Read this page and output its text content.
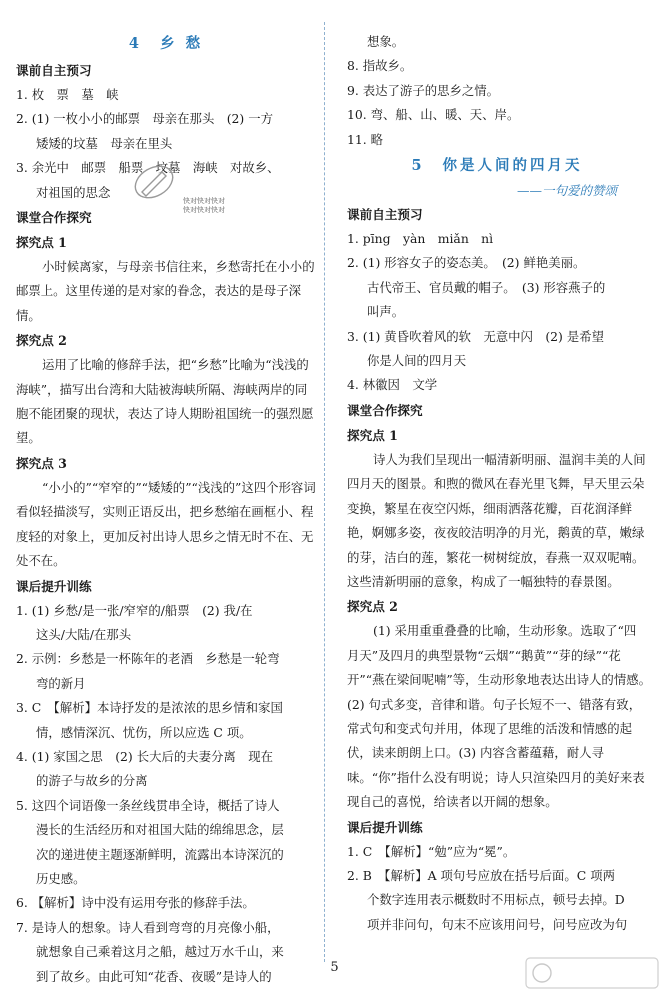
4 乡 愁
课前自主预习
1. 枚　票　墓　峡
2. (1) 一枚小小的邮票　母亲在那头　(2) 一方
矮矮的坟墓　母亲在里头
3. 余光中　邮票　船票　坟墓　海峡　对故乡、
对祖国的思念
课堂合作探究
探究点 1
小时候离家，与母亲书信往来，乡愁寄托在小小的邮票上。这里传递的是对家的眷念，表达的是母子深情。
探究点 2
运用了比喻的修辞手法，把“乡愁”比喻为“浅浅的海峡”，描写出台湾和大陆被海峡所隔、海峡两岸的同胞不能团聚的现状，表达了诗人期盼祖国统一的强烈愿望。
探究点 3
“小小的”“窄窄的”“矮矮的”“浅浅的”这四个形容词看似轻描淡写，实则正语反出，把乡愁缩在画框小、程度轻的对象上，更加反衬出诗人思乡之情无时不在、无处不在。
课后提升训练
1. (1) 乡愁/是一张/窄窄的/船票　(2) 我/在
这头/大陆/在那头
2. 示例：乡愁是一杯陈年的老酒　乡愁是一轮弯
弯的新月
3. C　【解析】本诗抒发的是浓浓的思乡情和家国
情，感情深沉、忧伤，所以应选 C 项。
4. (1) 家国之思　(2) 长大后的夫妻分离　现在
的游子与故乡的分离
5. 这四个词语像一条丝线贯串全诗，概括了诗人
漫长的生活经历和对祖国大陆的绵绵思念，层
次的递进使主题逐渐鲜明，流露出本诗深沉的
历史感。
6. 【解析】诗中没有运用夸张的修辞手法。
7. 是诗人的想象。诗人看到弯弯的月亮像小船，
就想象自己乘着这月之船，越过万水千山，来
到了故乡。由此可知“花香、夜暖”是诗人的
想象。
8. 指故乡。
9. 表达了游子的思乡之情。
10. 弯、船、山、暖、天、岸。
11. 略
5 你是人间的四月天
——一句爱的赞颂
课前自主预习
1. pīng　yàn　miǎn　nì
2. (1) 形容女子的姿态美。　(2) 鲜艳美丽。
古代帝王、官员戴的帽子。　(3) 形容燕子的
叫声。
3. (1) 黄昏吹着风的软　无意中闪　(2) 是希望
你是人间的四月天
4. 林徽因　文学
课堂合作探究
探究点 1
诗人为我们呈现出一幅清新明丽、温润丰美的人间四月天的图景。和煦的微风在春光里飞舞，早天里云朵变换，繁星在夜空闪烁，细雨洒落花瓣，百花润泽鲜艳，婀娜多姿，夜夜皎洁明净的月光，鹅黄的草，嫩绿的芽，洁白的莲，繁花一树树绽放，春燕一双双呢喃。这些清新明丽的意象，构成了一幅独特的春景图。
探究点 2
(1) 采用重重叠叠的比喻，生动形象。选取了“四月天”及四月的典型景物“云烟”“鹅黄”“芽的绿”“花开”“燕在梁间呢喃”等，生动形象地表达出诗人的情感。　(2) 句式多变，音律和谐。句子长短不一、错落有致，常式句和变式句并用，体现了思维的活泼和情感的起伏，读来朗朗上口。(3) 内容含蓄蕴藉，耐人寻味。“你”指什么没有明说；诗人只渲染四月的美好来表现自己的喜悦，给读者以开阔的想象。
课后提升训练
1. C　【解析】“勉”应为“冕”。
2. B　【解析】A 项句号应放在括号后面。C 项两
个数字连用表示概数时不用标点，顿号去掉。D
项并非问句，句末不应该用问号，问号应改为句
快对快对快对
快对快对快对
5
